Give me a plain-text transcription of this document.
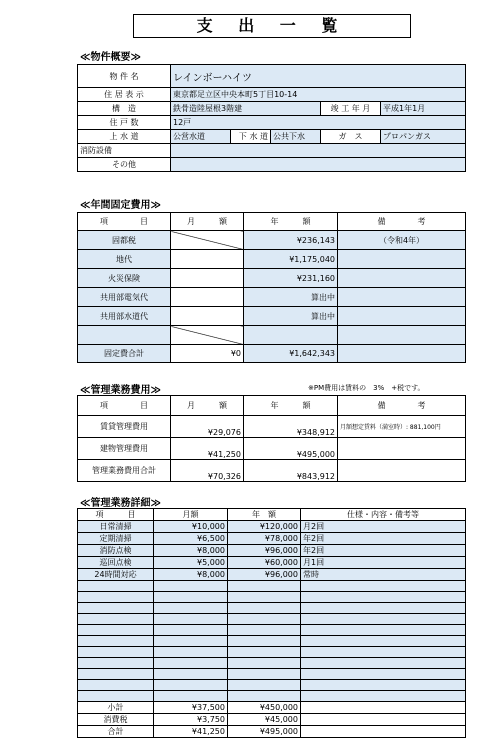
支 出 一 覧
≪物件概要≫
物 件 名	レインボーハイツ				
住 居 表 示	東京都足立区中央本町5丁目10-14				
構　造	鉄骨造陸屋根3階建			竣 工 年 月	平成1年1月
住 戸 数	12戸				
上 水 道	公営水道	下 水 道	公共下水	ガ　ス	プロパンガス
消防設備					
その他					
≪年間固定費用≫
項　　　　目	月　　　額	年　　　額	備　　　　考
固都税		¥236,143	（令和4年）
地代		¥1,175,040	
火災保険		¥231,160	
共用部電気代		算出中	
共用部水道代		算出中	

固定費合計	¥0	¥1,642,343	
≪管理業務費用≫	※PM費用は賃料の　3%　+税です。
項　　　　目	月　　　額	年　　　額	備　　　　考
賃貸管理費用	¥29,076	¥348,912	月額想定賃料（満室時）: 881,100円
建物管理費用	¥41,250	¥495,000	
管理業務費用合計	¥70,326	¥843,912	
≪管理業務詳細≫
項　　　目	月額	年　額	仕様・内容・備考等
日常清掃	¥10,000	¥120,000	月2回
定期清掃	¥6,500	¥78,000	年2回
消防点検	¥8,000	¥96,000	年2回
巡回点検	¥5,000	¥60,000	月1回
24時間対応	¥8,000	¥96,000	常時

小計	¥37,500	¥450,000	
消費税	¥3,750	¥45,000	
合計	¥41,250	¥495,000	
